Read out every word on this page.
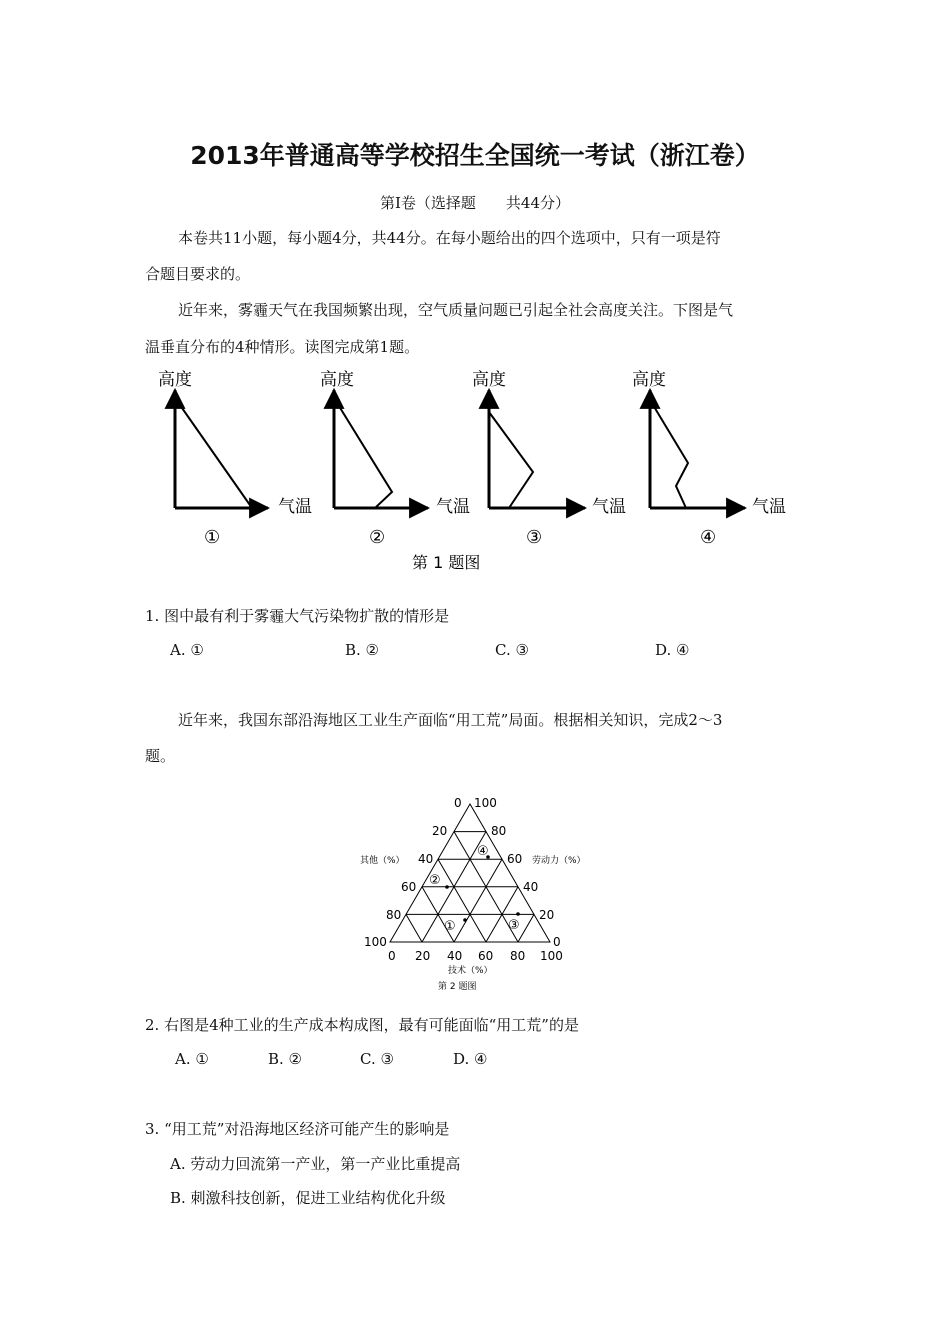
2013年普通高等学校招生全国统一考试（浙江卷）
第Ⅰ卷（选择题　　共44分）
本卷共11小题，每小题4分，共44分。在每小题给出的四个选项中，只有一项是符
合题目要求的。
近年来，雾霾天气在我国频繁出现，空气质量问题已引起全社会高度关注。下图是气
温垂直分布的4种情形。读图完成第1题。
高度
气温
①
高度
气温
②
高度
气温
③
高度
气温
④
第 1 题图
1. 图中最有利于雾霾大气污染物扩散的情形是
A. ①	B. ②	C. ③	D. ④
近年来，我国东部沿海地区工业生产面临“用工荒”局面。根据相关知识，完成2～3
题。
④
②
①	③
0
20
40
60
80
100
100
80
60
40
20
0
0 20 40 60 80 100
其他（%）	劳动力（%）
技术（%）
第 2 题图
2. 右图是4种工业的生产成本构成图，最有可能面临“用工荒”的是
A. ①	B. ②	C. ③	D. ④
3. “用工荒”对沿海地区经济可能产生的影响是
A. 劳动力回流第一产业，第一产业比重提高
B. 刺激科技创新，促进工业结构优化升级
